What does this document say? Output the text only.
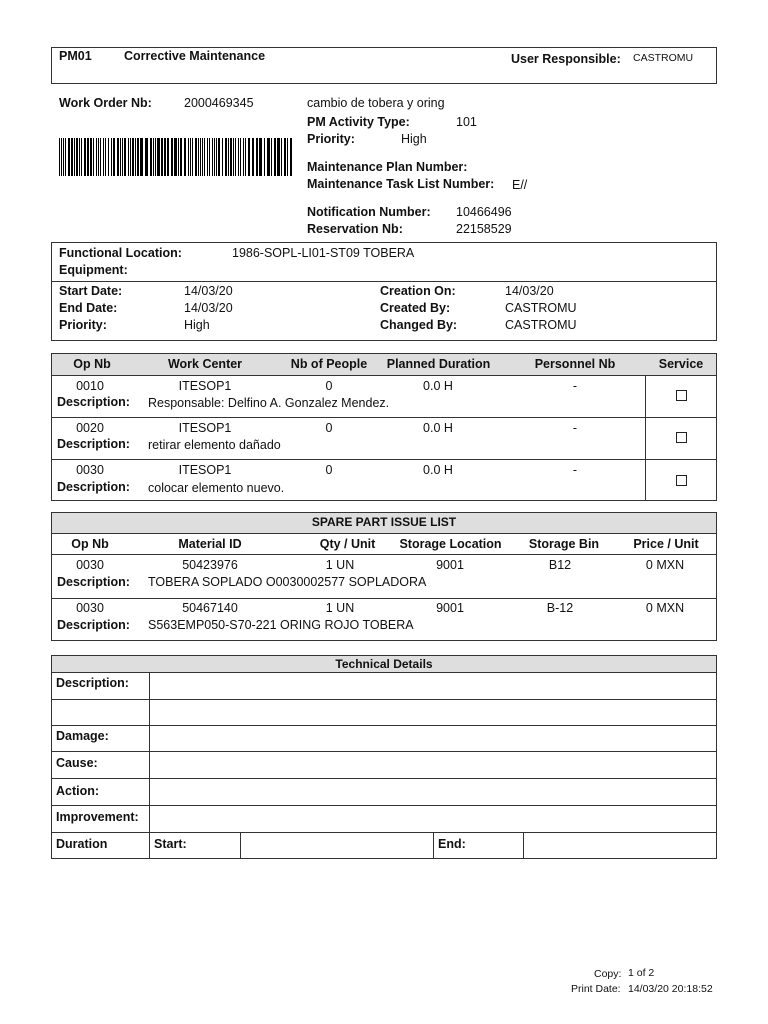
PM01	Corrective Maintenance	User Responsible: CASTROMU
Work Order Nb:	2000469345	cambio de tobera y oring
PM Activity Type:	101
Priority:	High
Maintenance Plan Number:
Maintenance Task List Number: E//
Notification Number: 10466496
Reservation Nb:	22158529
Functional Location:	1986-SOPL-LI01-ST09 TOBERA
Equipment:
Start Date:	14/03/20
End Date:	14/03/20
Priority:	High
Creation On:	14/03/20
Created By:	CASTROMU
Changed By:	CASTROMU
Op Nb	Work Center	Nb of People	Planned Duration	Personnel Nb	Service
0010	ITESOP1	0	0.0 H	-
Description: Responsable: Delfino A. Gonzalez Mendez.
0020	ITESOP1	0	0.0 H	-
Description: retirar elemento dañado
0030	ITESOP1	0	0.0 H	-
Description: colocar elemento nuevo.
SPARE PART ISSUE LIST
Op Nb	Material ID	Qty / Unit	Storage Location	Storage Bin	Price / Unit
0030	50423976	1 UN	9001	B12	0 MXN
Description: TOBERA SOPLADO O0030002577 SOPLADORA
0030	50467140	1 UN	9001	B-12	0 MXN
Description: S563EMP050-S70-221 ORING ROJO TOBERA
Technical Details
Description:
Damage:
Cause:
Action:
Improvement:
Duration	Start:	End:
Copy: 1 of 2
Print Date: 14/03/20 20:18:52
